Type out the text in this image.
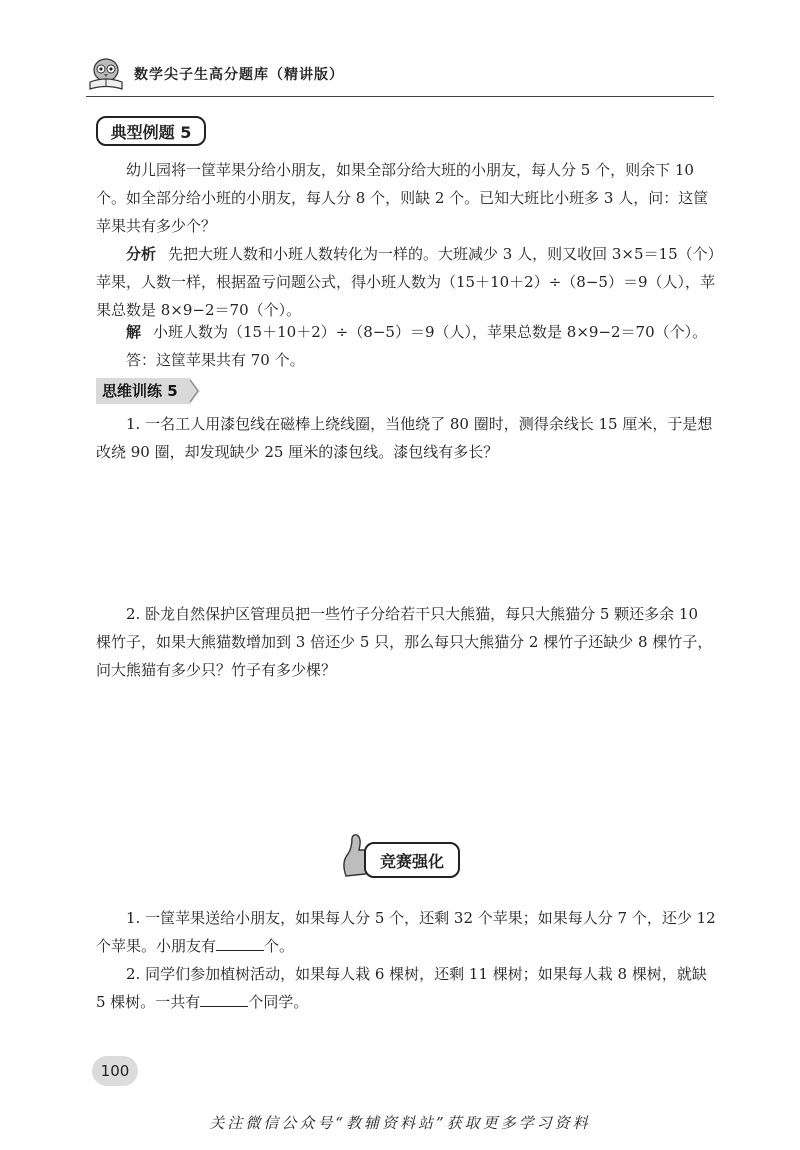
数学尖子生高分题库（精讲版）
典型例题 5
幼儿园将一筐苹果分给小朋友，如果全部分给大班的小朋友，每人分 5 个，则余下 10 个。如全部分给小班的小朋友，每人分 8 个，则缺 2 个。已知大班比小班多 3 人，问：这筐苹果共有多少个？
分析 先把大班人数和小班人数转化为一样的。大班减少 3 人，则又收回 3×5＝15（个）苹果，人数一样，根据盈亏问题公式，得小班人数为（15＋10＋2）÷（8−5）＝9（人），苹果总数是 8×9−2＝70（个）。
解 小班人数为（15＋10＋2）÷（8−5）＝9（人），苹果总数是 8×9−2＝70（个）。
答：这筐苹果共有 70 个。
思维训练 5
1. 一名工人用漆包线在磁棒上绕线圈，当他绕了 80 圈时，测得余线长 15 厘米，于是想改绕 90 圈，却发现缺少 25 厘米的漆包线。漆包线有多长？
2. 卧龙自然保护区管理员把一些竹子分给若干只大熊猫，每只大熊猫分 5 颗还多余 10 棵竹子，如果大熊猫数增加到 3 倍还少 5 只，那么每只大熊猫分 2 棵竹子还缺少 8 棵竹子，问大熊猫有多少只？竹子有多少棵？
竞赛强化
1. 一筐苹果送给小朋友，如果每人分 5 个，还剩 32 个苹果；如果每人分 7 个，还少 12 个苹果。小朋友有	个。
2. 同学们参加植树活动，如果每人栽 6 棵树，还剩 11 棵树；如果每人栽 8 棵树，就缺 5 棵树。一共有	个同学。
100
关注微信公众号“教辅资料站”获取更多学习资料
